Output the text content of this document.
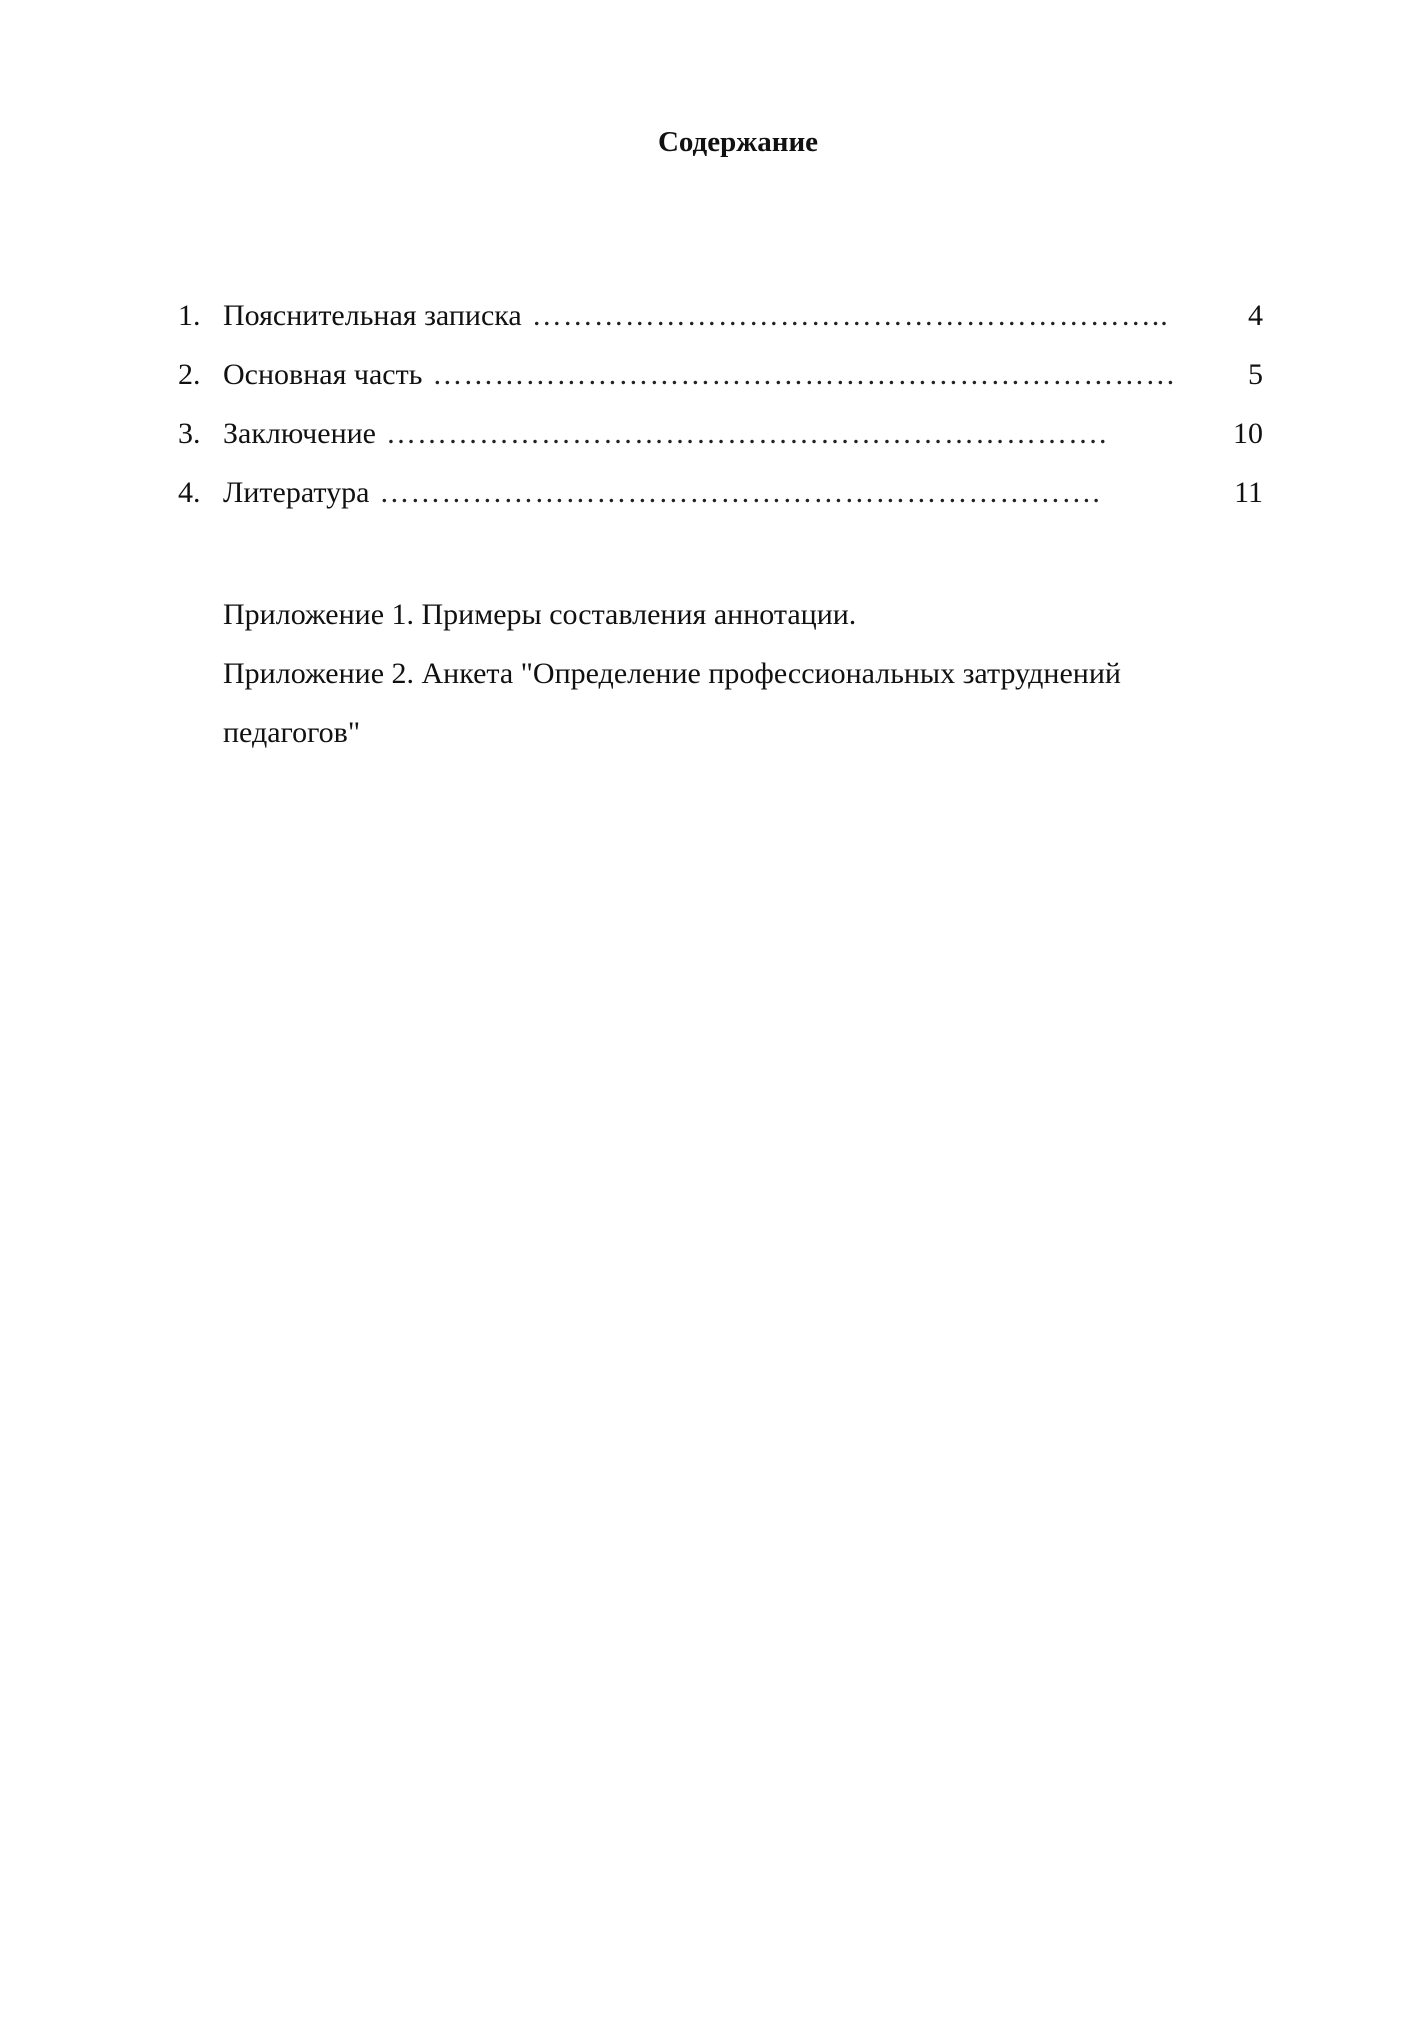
Содержание
1. Пояснительная записка ……………………………………………………..	4
2. Основная часть ………………………………………………………………	5
3. Заключение …………………………………………………………….	10
4. Литература …………………………………………………………….	11

Приложение 1. Примеры составления аннотации.

Приложение 2. Анкета "Определение профессиональных затруднений педагогов"
